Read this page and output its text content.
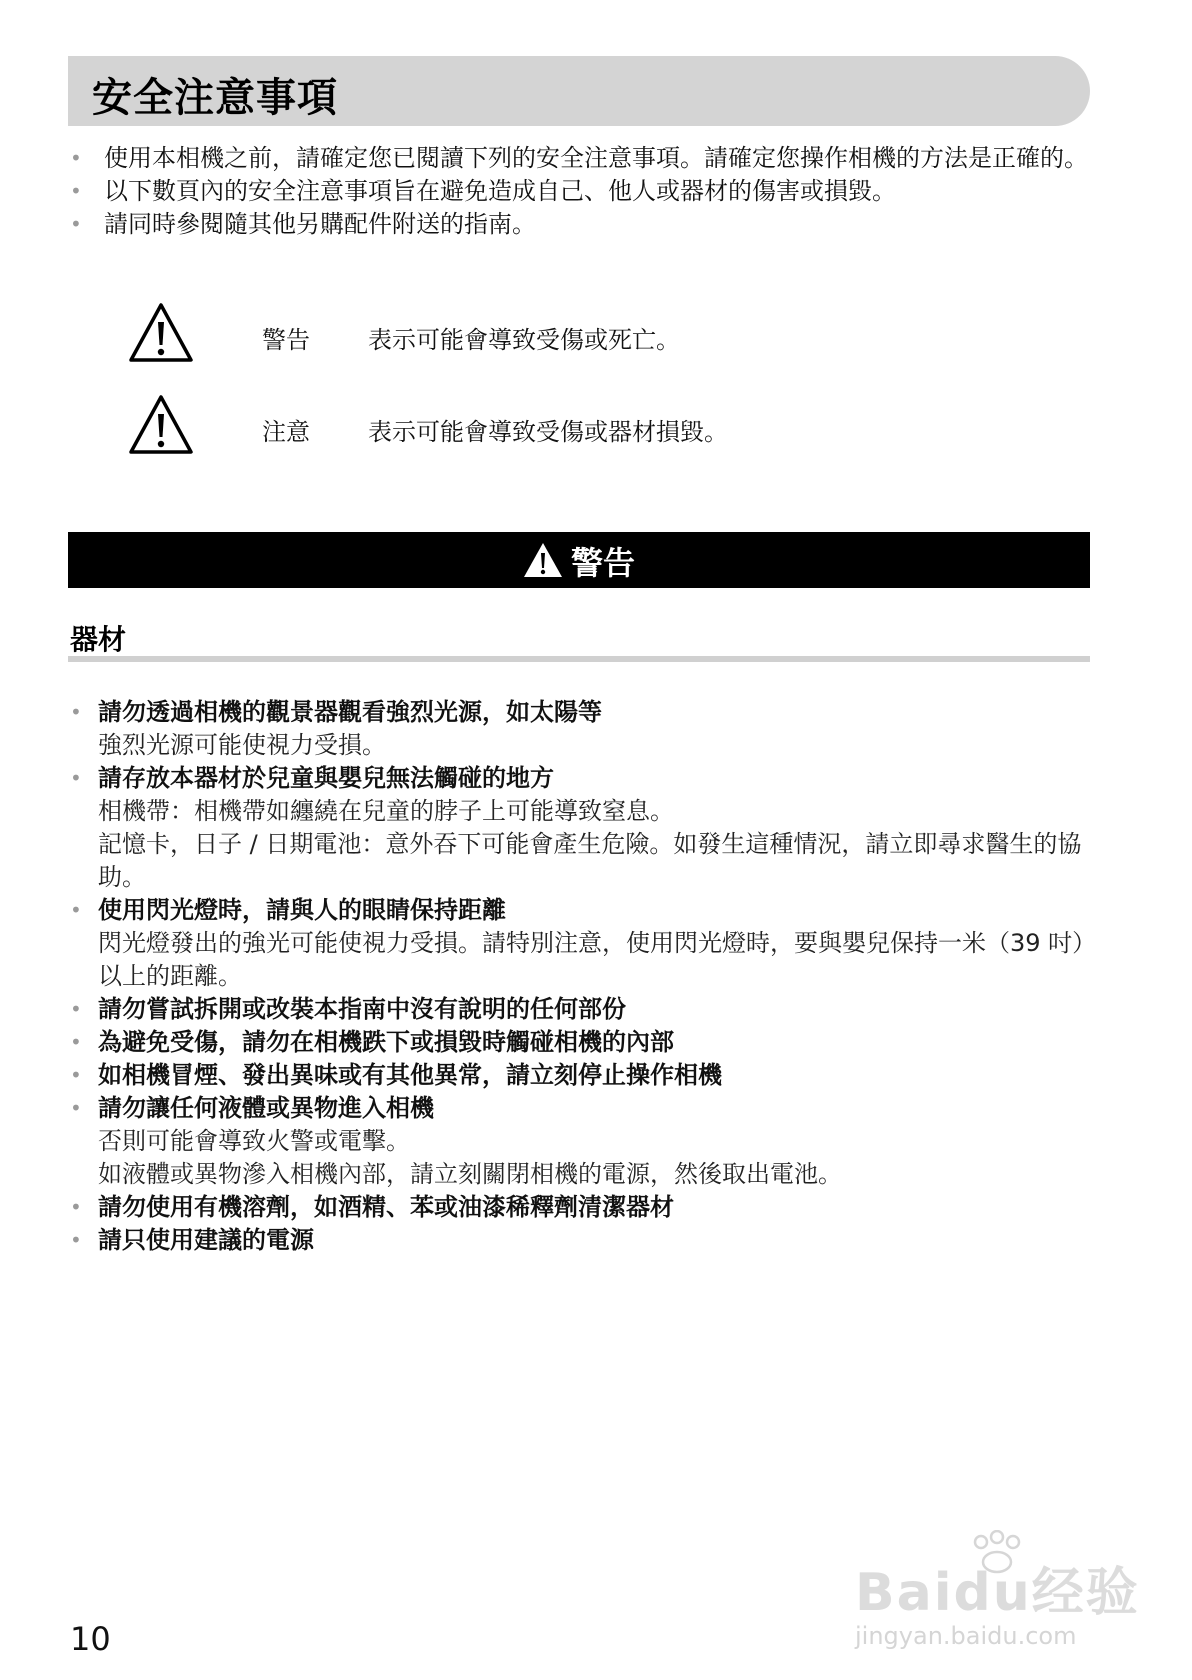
安全注意事項
• 使用本相機之前，請確定您已閱讀下列的安全注意事項。請確定您操作相機的方法是正確的。
• 以下數頁內的安全注意事項旨在避免造成自己、他人或器材的傷害或損毀。
• 請同時參閱隨其他另購配件附送的指南。
警告 表示可能會導致受傷或死亡。
注意 表示可能會導致受傷或器材損毀。
警告
器材
• 請勿透過相機的觀景器觀看強烈光源，如太陽等
強烈光源可能使視力受損。
• 請存放本器材於兒童與嬰兒無法觸碰的地方
相機帶：相機帶如纏繞在兒童的脖子上可能導致窒息。
記憶卡，日子 / 日期電池：意外吞下可能會產生危險。如發生這種情況，請立即尋求醫生的協助。
• 使用閃光燈時，請與人的眼睛保持距離
閃光燈發出的強光可能使視力受損。請特別注意，使用閃光燈時，要與嬰兒保持一米（39 吋）以上的距離。
• 請勿嘗試拆開或改裝本指南中沒有說明的任何部份
• 為避免受傷，請勿在相機跌下或損毀時觸碰相機的內部
• 如相機冒煙、發出異味或有其他異常，請立刻停止操作相機
• 請勿讓任何液體或異物進入相機
否則可能會導致火警或電擊。
如液體或異物滲入相機內部，請立刻關閉相機的電源，然後取出電池。
• 請勿使用有機溶劑，如酒精、苯或油漆稀釋劑清潔器材
• 請只使用建議的電源
10
Baidu经验
jingyan.baidu.com
